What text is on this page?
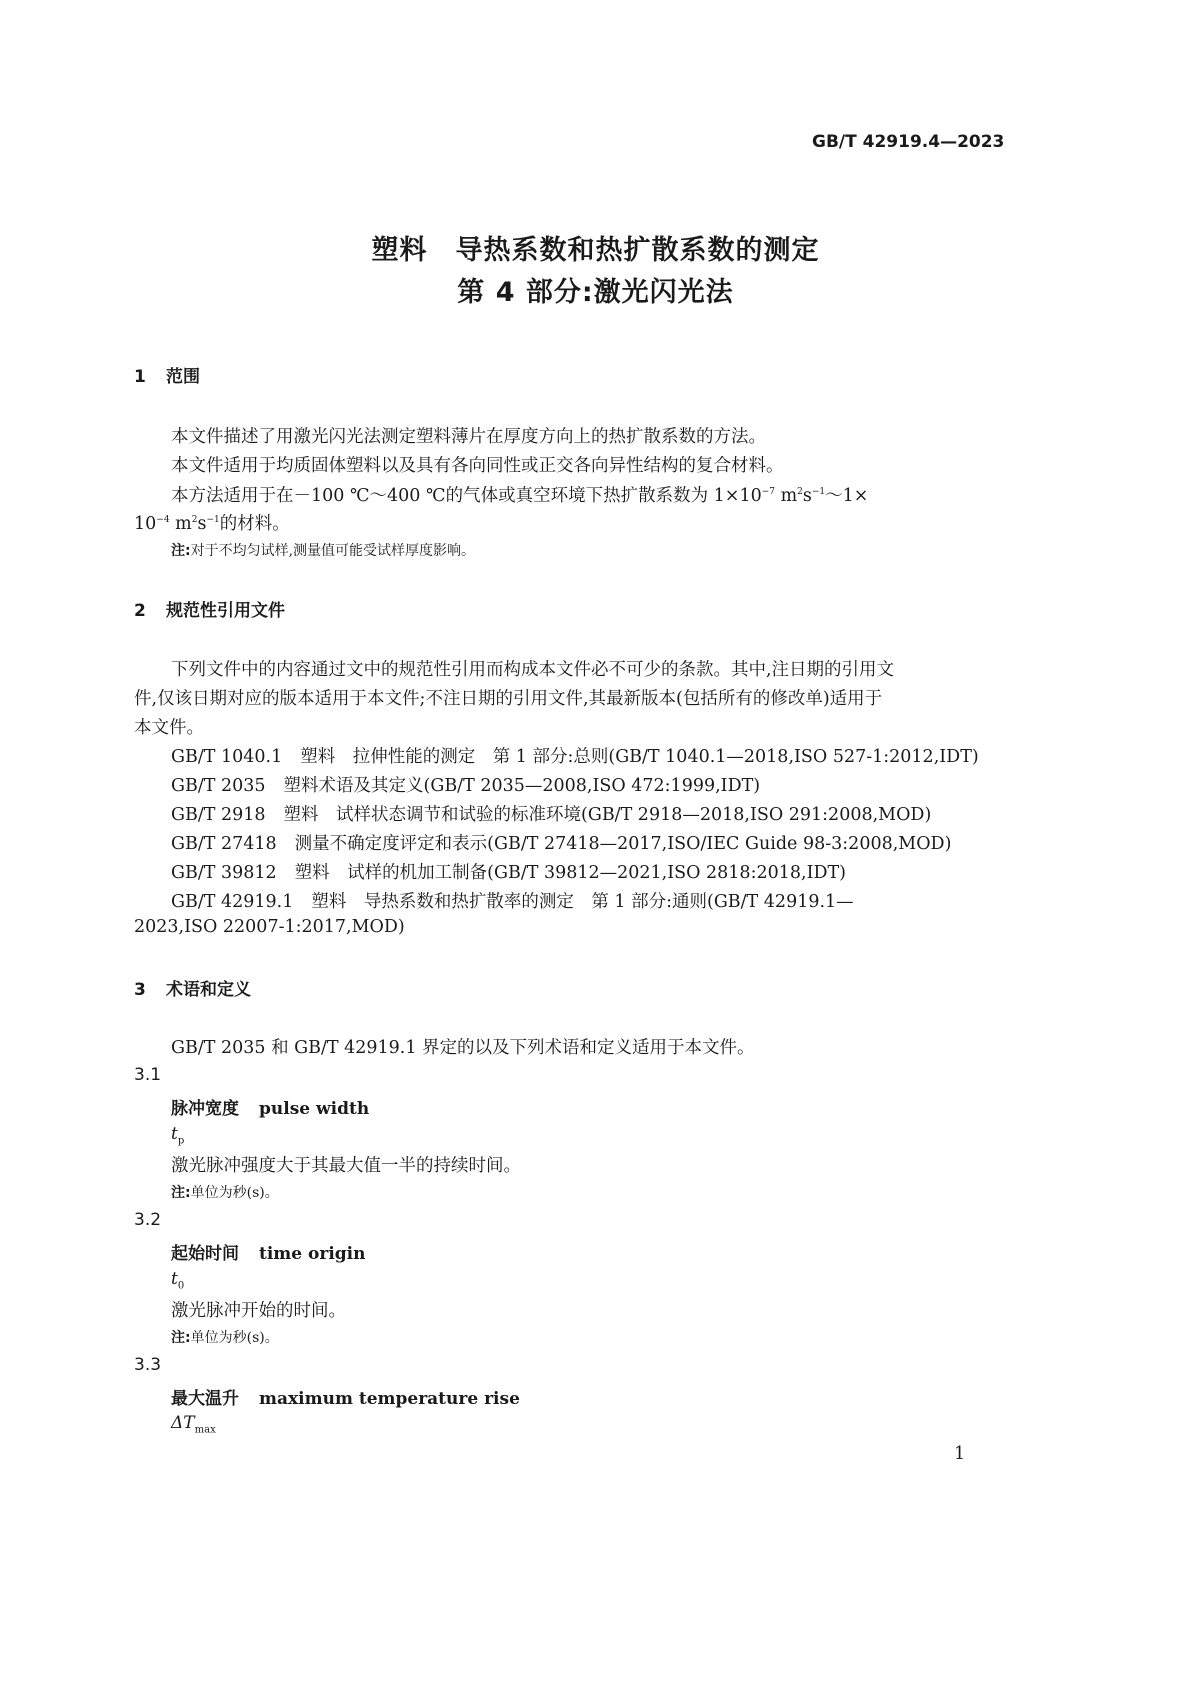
GB/T 42919.4—2023
塑料　导热系数和热扩散系数的测定
第 4 部分:激光闪光法
1 范围
本文件描述了用激光闪光法测定塑料薄片在厚度方向上的热扩散系数的方法。
本文件适用于均质固体塑料以及具有各向同性或正交各向异性结构的复合材料。
本方法适用于在－100 ℃～400 ℃的气体或真空环境下热扩散系数为 $1\times 10^{-7}$ $m^2s^{-1}\sim 1\times$
$10^{-4}$ $m^2s^{-1}$的材料。
注:对于不均匀试样,测量值可能受试样厚度影响。
2 规范性引用文件
下列文件中的内容通过文中的规范性引用而构成本文件必不可少的条款。其中,注日期的引用文
件,仅该日期对应的版本适用于本文件;不注日期的引用文件,其最新版本(包括所有的修改单)适用于
本文件。
GB/T 1040.1 塑料　拉伸性能的测定　第 1 部分:总则(GB/T 1040.1—2018,ISO 527-1:2012,IDT)
GB/T 2035 塑料术语及其定义(GB/T 2035—2008,ISO 472:1999,IDT)
GB/T 2918 塑料　试样状态调节和试验的标准环境(GB/T 2918—2018,ISO 291:2008,MOD)
GB/T 27418 测量不确定度评定和表示(GB/T 27418—2017,ISO/IEC Guide 98-3:2008,MOD)
GB/T 39812 塑料　试样的机加工制备(GB/T 39812—2021,ISO 2818:2018,IDT)
GB/T 42919.1 塑料　导热系数和热扩散率的测定　第 1 部分:通则(GB/T 42919.1—
2023,ISO 22007-1:2017,MOD)
3 术语和定义
GB/T 2035 和 GB/T 42919.1 界定的以及下列术语和定义适用于本文件。
3.1
脉冲宽度 pulse width
$t_p$
激光脉冲强度大于其最大值一半的持续时间。
注:单位为秒(s)。
3.2
起始时间 time origin
$t_0$
激光脉冲开始的时间。
注:单位为秒(s)。
3.3
最大温升 maximum temperature rise
$\Delta T_{max}$
1
